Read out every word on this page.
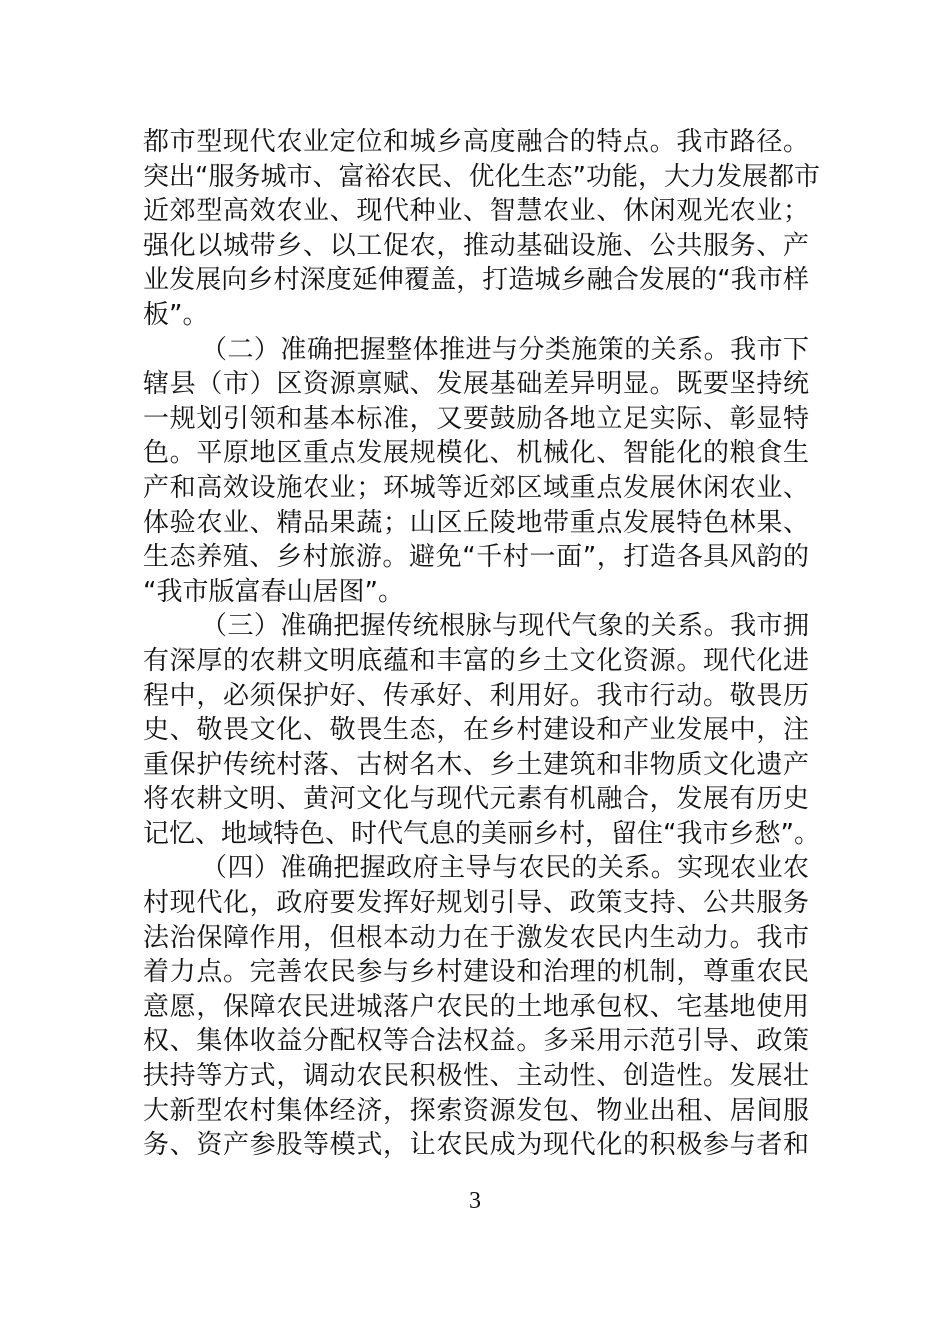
都市型现代农业定位和城乡高度融合的特点。我市路径。
突出“服务城市、富裕农民、优化生态”功能，大力发展都市
近郊型高效农业、现代种业、智慧农业、休闲观光农业；
强化以城带乡、以工促农，推动基础设施、公共服务、产
业发展向乡村深度延伸覆盖，打造城乡融合发展的“我市样
板”。
（二）准确把握整体推进与分类施策的关系。我市下
辖县（市）区资源禀赋、发展基础差异明显。既要坚持统
一规划引领和基本标准，又要鼓励各地立足实际、彰显特
色。平原地区重点发展规模化、机械化、智能化的粮食生
产和高效设施农业；环城等近郊区域重点发展休闲农业、
体验农业、精品果蔬；山区丘陵地带重点发展特色林果、
生态养殖、乡村旅游。避免“千村一面”，打造各具风韵的
“我市版富春山居图”。
（三）准确把握传统根脉与现代气象的关系。我市拥
有深厚的农耕文明底蕴和丰富的乡土文化资源。现代化进
程中，必须保护好、传承好、利用好。我市行动。敬畏历
史、敬畏文化、敬畏生态，在乡村建设和产业发展中，注
重保护传统村落、古树名木、乡土建筑和非物质文化遗产
将农耕文明、黄河文化与现代元素有机融合，发展有历史
记忆、地域特色、时代气息的美丽乡村，留住“我市乡愁”。
（四）准确把握政府主导与农民的关系。实现农业农
村现代化，政府要发挥好规划引导、政策支持、公共服务
法治保障作用，但根本动力在于激发农民内生动力。我市
着力点。完善农民参与乡村建设和治理的机制，尊重农民
意愿，保障农民进城落户农民的土地承包权、宅基地使用
权、集体收益分配权等合法权益。多采用示范引导、政策
扶持等方式，调动农民积极性、主动性、创造性。发展壮
大新型农村集体经济，探索资源发包、物业出租、居间服
务、资产参股等模式，让农民成为现代化的积极参与者和
3
